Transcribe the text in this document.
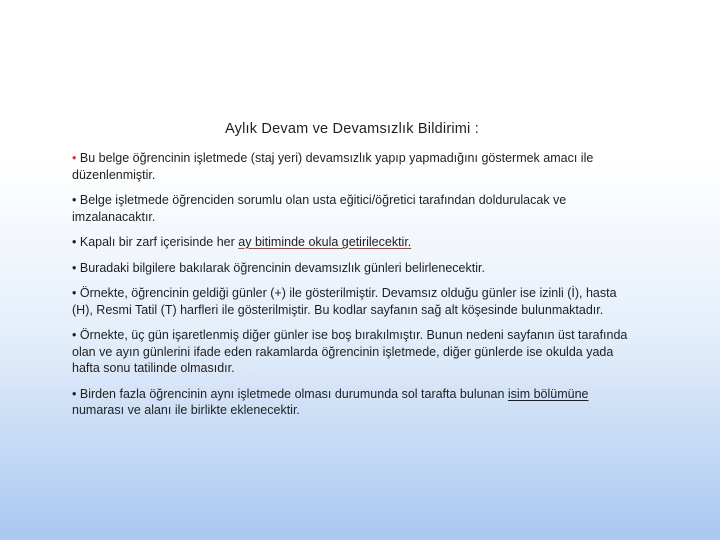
Aylık Devam ve Devamsızlık Bildirimi :
• Bu belge öğrencinin işletmede (staj yeri) devamsızlık yapıp yapmadığını göstermek amacı ile düzenlenmiştir.
• Belge işletmede öğrenciden sorumlu olan usta eğitici/öğretici tarafından doldurulacak ve imzalanacaktır.
• Kapalı bir zarf içerisinde her ay bitiminde okula getirilecektir.
• Buradaki bilgilere bakılarak öğrencinin devamsızlık günleri belirlenecektir.
• Örnekte, öğrencinin geldiği günler (+) ile gösterilmiştir. Devamsız olduğu günler ise izinli (İ), hasta (H), Resmi Tatil (T) harfleri ile gösterilmiştir. Bu kodlar sayfanın sağ alt köşesinde bulunmaktadır.
• Örnekte, üç gün işaretlenmiş diğer günler ise boş bırakılmıştır. Bunun nedeni sayfanın üst tarafında olan ve ayın günlerini ifade eden rakamlarda öğrencinin işletmede, diğer günlerde ise okulda yada hafta sonu tatilinde olmasıdır.
• Birden fazla öğrencinin aynı işletmede olması durumunda sol tarafta bulunan isim bölümüne numarası ve alanı ile birlikte eklenecektir.
